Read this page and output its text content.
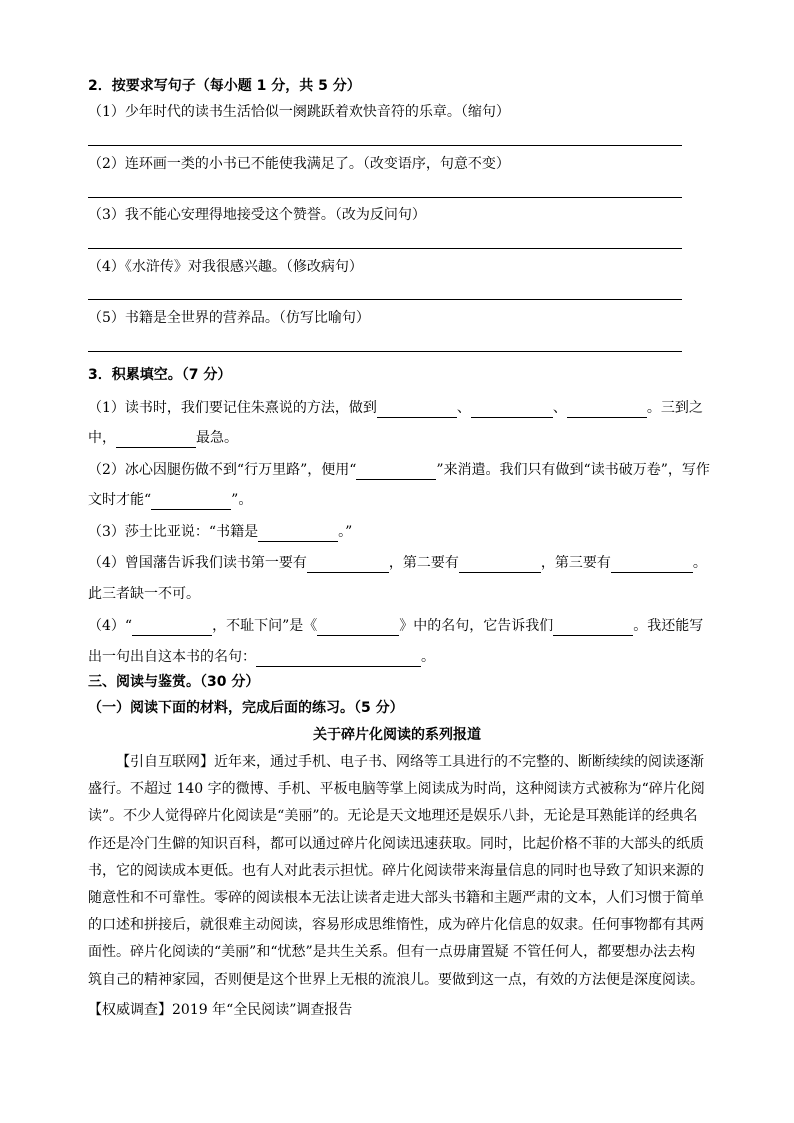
2．按要求写句子（每小题 1 分，共 5 分）
（1）少年时代的读书生活恰似一阕跳跃着欢快音符的乐章。（缩句）
（2）连环画一类的小书已不能使我满足了。（改变语序，句意不变）
（3）我不能心安理得地接受这个赞誉。（改为反问句）
（4）《水浒传》对我很感兴趣。（修改病句）
（5）书籍是全世界的营养品。（仿写比喻句）
3．积累填空。（7 分）
（1）读书时，我们要记住朱熹说的方法，做到	、	、	。三到之
中，	最急。
（2）冰心因腿伤做不到“行万里路”，便用“	”来消遣。我们只有做到“读书破万卷”，写作
文时才能“	”。
（3）莎士比亚说：“书籍是	。”
（4）曾国藩告诉我们读书第一要有	，第二要有	，第三要有	。
此三者缺一不可。
（4）“	，不耻下问”是《	》中的名句，它告诉我们	。我还能写
出一句出自这本书的名句：	。
三、阅读与鉴赏。（30 分）
（一）阅读下面的材料，完成后面的练习。（5 分）
关于碎片化阅读的系列报道

【引自互联网】近年来，通过手机、电子书、网络等工具进行的不完整的、断断续续的阅读逐渐盛行。不超过 140 字的微博、手机、平板电脑等掌上阅读成为时尚，这种阅读方式被称为“碎片化阅读”。不少人觉得碎片化阅读是“美丽”的。无论是天文地理还是娱乐八卦，无论是耳熟能详的经典名作还是冷门生僻的知识百科，都可以通过碎片化阅读迅速获取。同时，比起价格不菲的大部头的纸质书，它的阅读成本更低。也有人对此表示担忧。碎片化阅读带来海量信息的同时也导致了知识来源的随意性和不可靠性。零碎的阅读根本无法让读者走进大部头书籍和主题严肃的文本，人们习惯于简单的口述和拼接后，就很难主动阅读，容易形成思维惰性，成为碎片化信息的奴隶。任何事物都有其两面性。碎片化阅读的“美丽”和“忧愁”是共生关系。但有一点毋庸置疑 不管任何人，都要想办法去构筑自己的精神家园，否则便是这个世界上无根的流浪儿。要做到这一点，有效的方法便是深度阅读。

【权威调查】2019 年“全民阅读”调查报告
